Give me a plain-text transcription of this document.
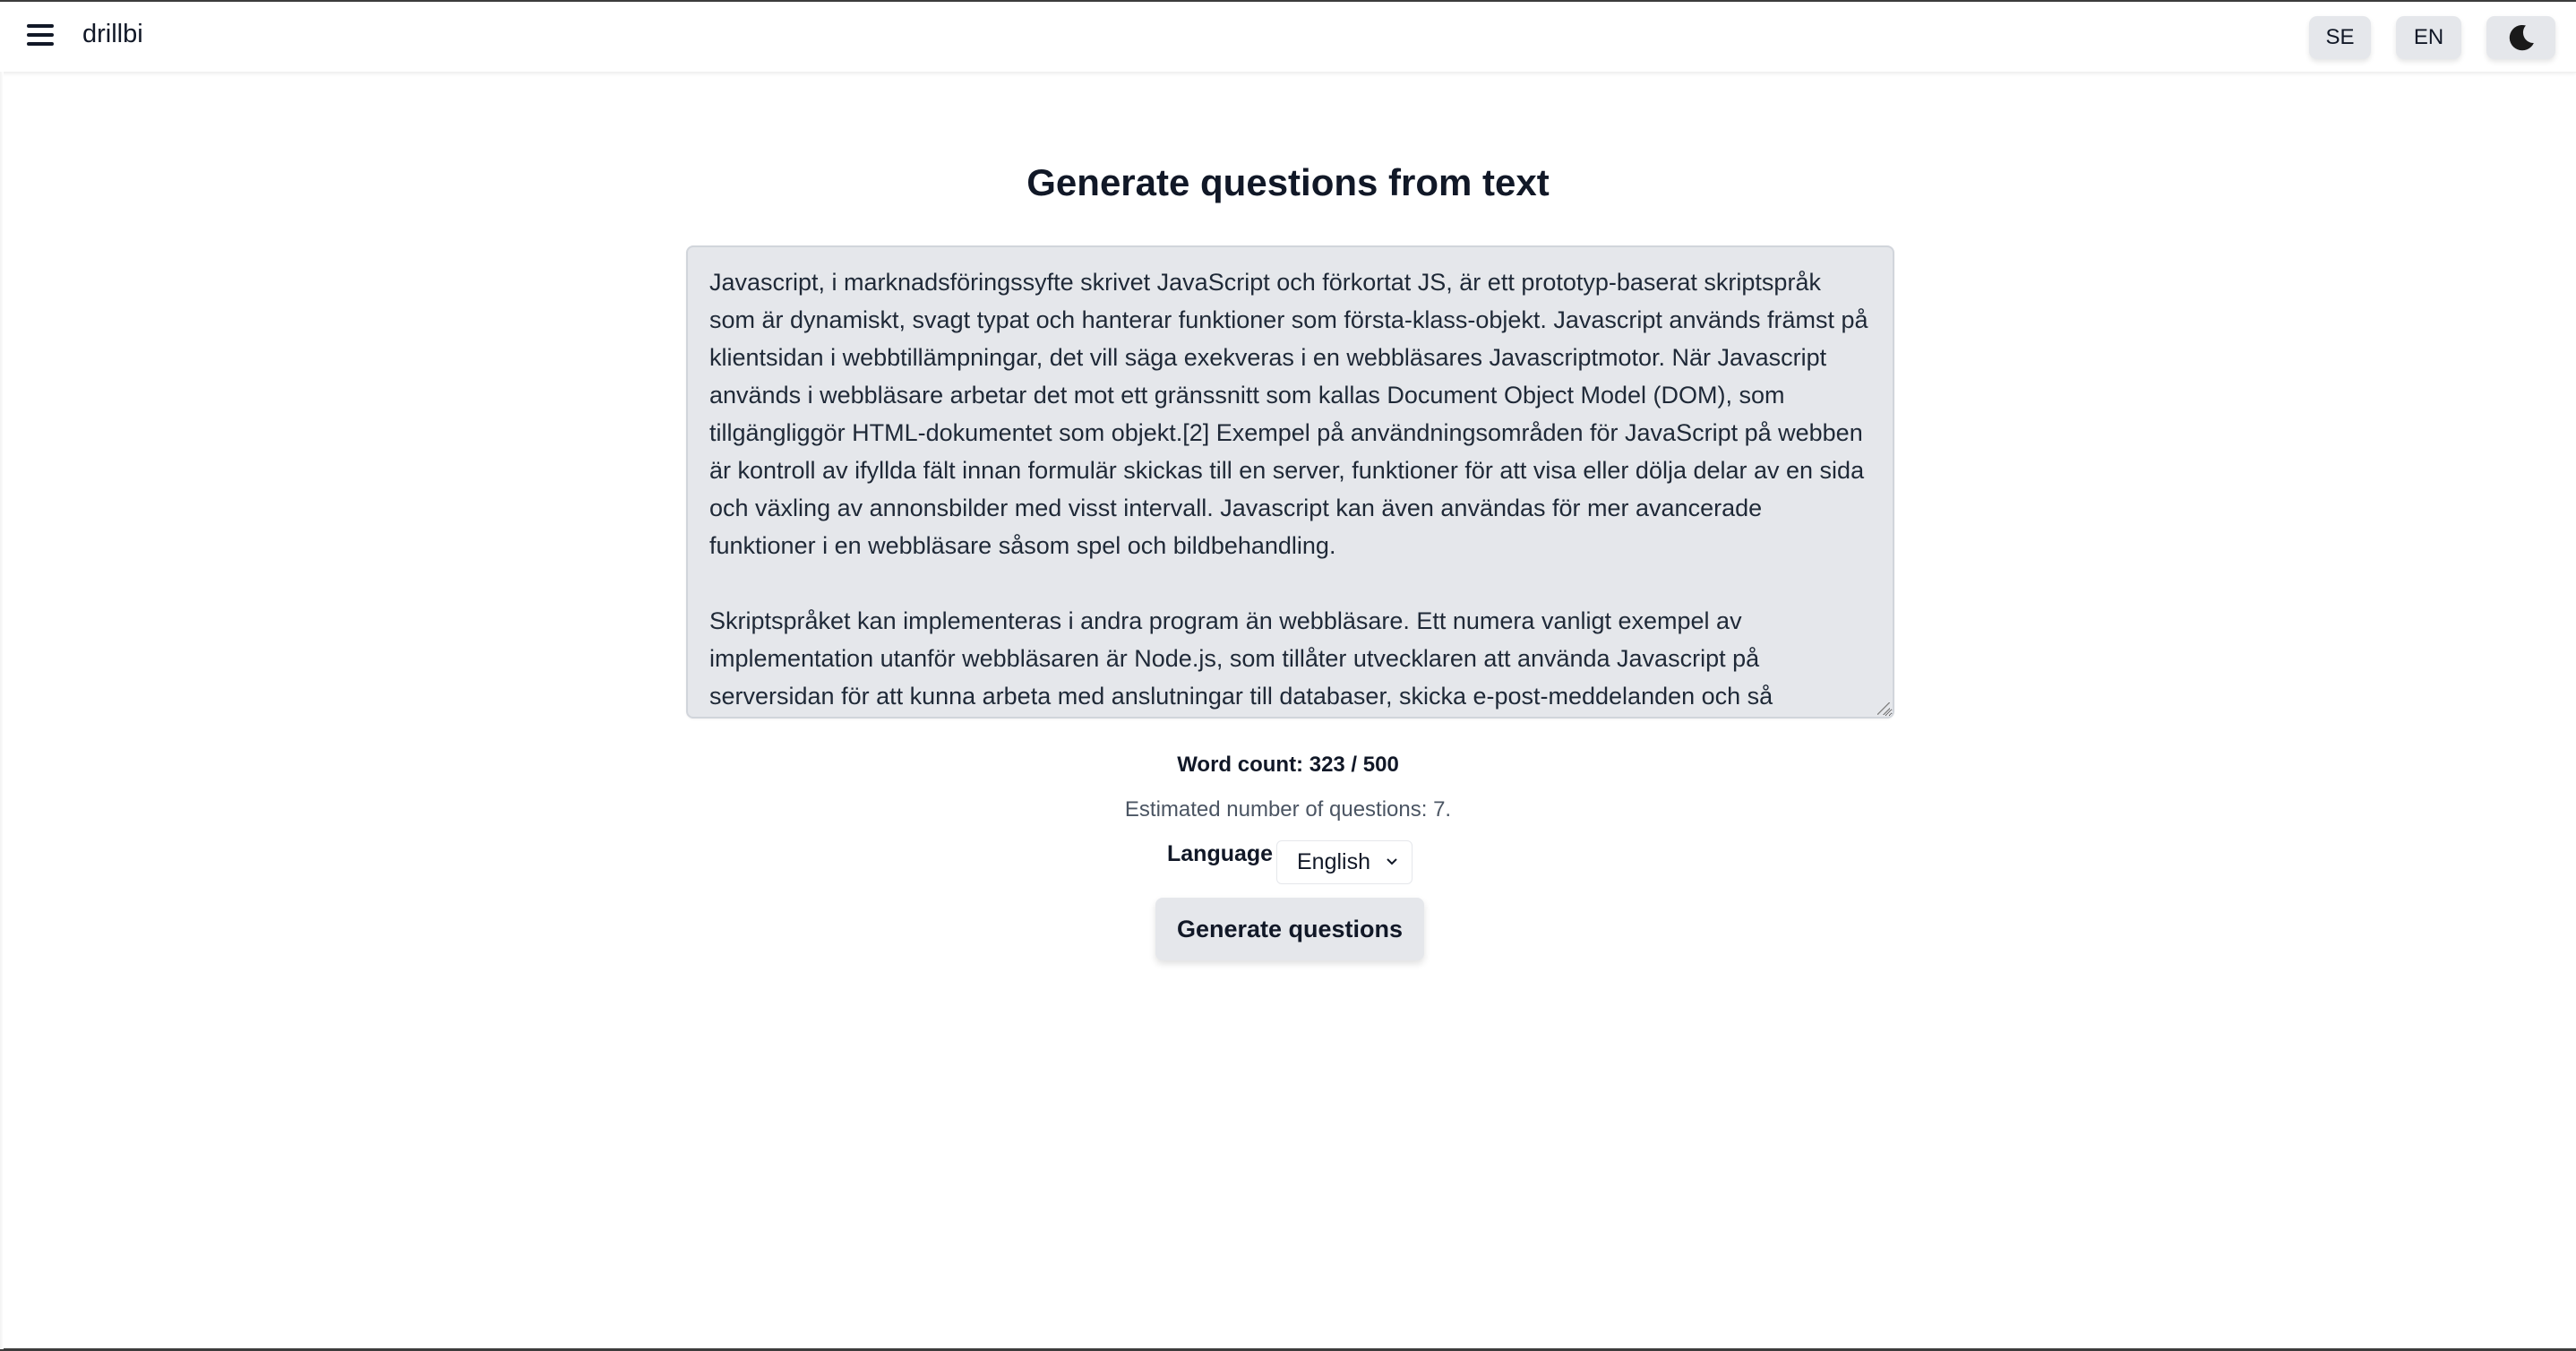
drillbi	SE	EN
Generate questions from text
Javascript, i marknadsföringssyfte skrivet JavaScript och förkortat JS, är ett prototyp-baserat skriptspråk som är dynamiskt, svagt typat och hanterar funktioner som första-klass-objekt. Javascript används främst på klientsidan i webbtillämpningar, det vill säga exekveras i en webbläsares Javascriptmotor. När Javascript används i webbläsare arbetar det mot ett gränssnitt som kallas Document Object Model (DOM), som tillgängliggör HTML-dokumentet som objekt.[2] Exempel på användningsområden för JavaScript på webben är kontroll av ifyllda fält innan formulär skickas till en server, funktioner för att visa eller dölja delar av en sida och växling av annonsbilder med visst intervall. Javascript kan även användas för mer avancerade funktioner i en webbläsare såsom spel och bildbehandling. Skriptspråket kan implementeras i andra program än webbläsare. Ett numera vanligt exempel av implementation utanför webbläsaren är Node.js, som tillåter utvecklaren att använda Javascript på serversidan för att kunna arbeta med anslutningar till databaser, skicka e-post-meddelanden och så
Word count: 323 / 500
Estimated number of questions: 7.
Language English
Generate questions
